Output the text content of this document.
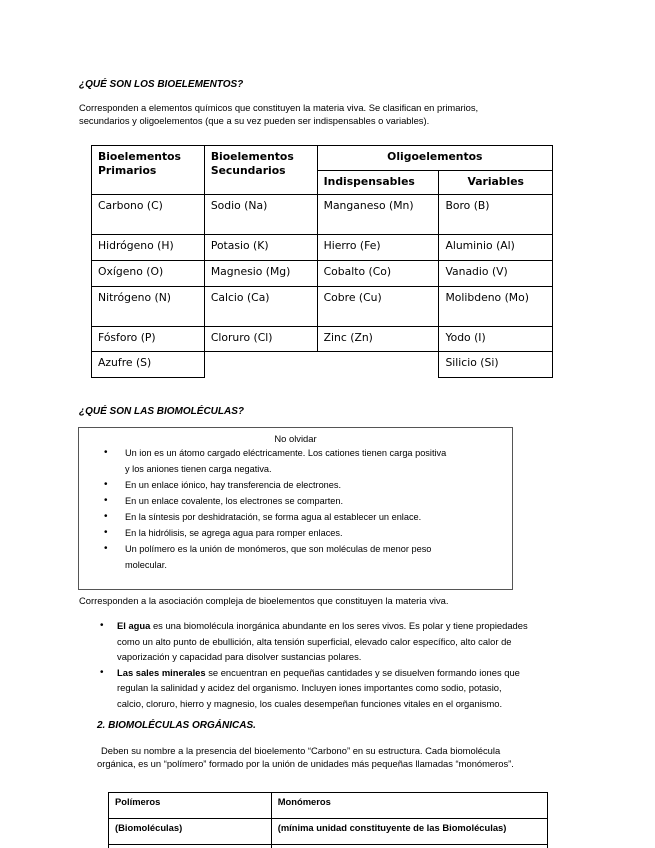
¿QUÉ SON LOS BIOELEMENTOS?
Corresponden a elementos químicos que constituyen la materia viva. Se clasifican en primarios,
secundarios y oligoelementos (que a su vez pueden ser indispensables o variables).
Bioelementos Primarios	Bioelementos Secundarios	Oligoelementos	
		Indispensables	Variables
Carbono (C)	Sodio (Na)	Manganeso (Mn)	Boro (B)
Hidrógeno (H)	Potasio (K)	Hierro (Fe)	Aluminio (Al)
Oxígeno (O)	Magnesio (Mg)	Cobalto (Co)	Vanadio (V)
Nitrógeno (N)	Calcio (Ca)	Cobre (Cu)	Molibdeno (Mo)
Fósforo (P)	Cloruro (Cl)	Zinc (Zn)	Yodo (I)
Azufre (S)			Silicio (Si)
¿QUÉ SON LAS BIOMOLÉCULAS?
No olvidar
• Un ion es un átomo cargado eléctricamente. Los cationes tienen carga positiva
y los aniones tienen carga negativa.
• En un enlace iónico, hay transferencia de electrones.
• En un enlace covalente, los electrones se comparten.
• En la síntesis por deshidratación, se forma agua al establecer un enlace.
• En la hidrólisis, se agrega agua para romper enlaces.
• Un polímero es la unión de monómeros, que son moléculas de menor peso
molecular.
Corresponden a la asociación compleja de bioelementos que constituyen la materia viva.
• El agua es una biomolécula inorgánica abundante en los seres vivos. Es polar y tiene propiedades
como un alto punto de ebullición, alta tensión superficial, elevado calor específico, alto calor de
vaporización y capacidad para disolver sustancias polares.
• Las sales minerales se encuentran en pequeñas cantidades y se disuelven formando iones que
regulan la salinidad y acidez del organismo. Incluyen iones importantes como sodio, potasio,
calcio, cloruro, hierro y magnesio, los cuales desempeñan funciones vitales en el organismo.
2. BIOMOLÉCULAS ORGÁNICAS.
Deben su nombre a la presencia del bioelemento “Carbono” en su estructura. Cada biomolécula
orgánica, es un “polímero” formado por la unión de unidades más pequeñas llamadas “monómeros”.
Polímeros	Monómeros
(Biomoléculas)	(mínima unidad constituyente de las Biomoléculas)
